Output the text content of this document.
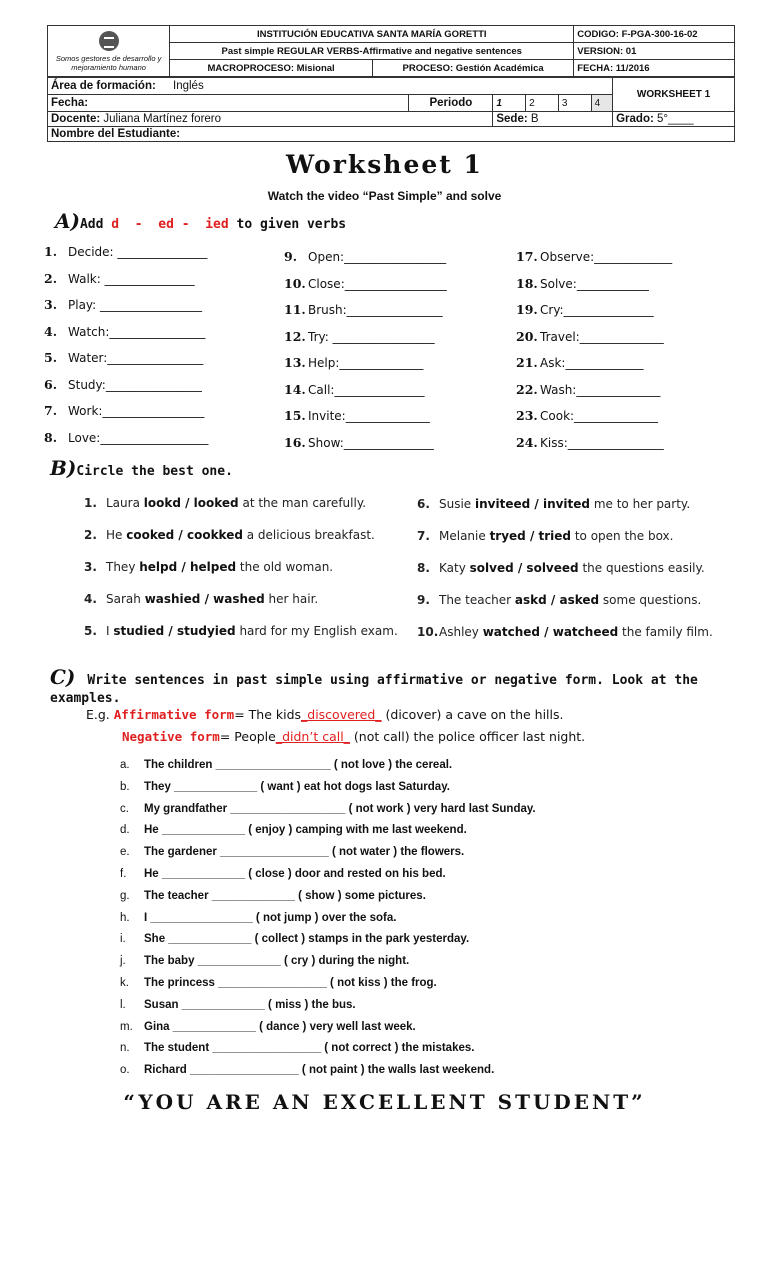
Somos gestores de desarrollo y mejoramiento humano	INSTITUCIÓN EDUCATIVA SANTA MARÍA GORETTI		CODIGO: F-PGA-300-16-02
	Past simple REGULAR VERBS-Affirmative and negative sentences		VERSION: 01
	MACROPROCESO: Misional	PROCESO: Gestión Académica	FECHA: 11/2016
Área de formación: Inglés						WORKSHEET 1
Fecha:	Periodo	1	2	3	4	
Docente: Juliana Martínez forero		Sede: B				Grado: 5°____
Nombre del Estudiante:						
Worksheet 1
Watch the video “Past Simple” and solve
A)Add d  -  ed -  ied to given verbs
B)Circle the best one.
C) Write sentences in past simple using affirmative or negative form. Look at the examples.
E.g. Affirmative form= The kids_discovered_ (dicover) a cave on the hills.
Negative form= People_didn’t call_ (not call) the police officer last night.
“YOU ARE AN EXCELLENT STUDENT”
1. Decide: _______________
2. Walk: _______________
3. Play: _________________
4. Watch:________________
5. Water:________________
6. Study:________________
7. Work:_________________
8. Love:__________________
9. Open:_________________
10. Close:_________________
11. Brush:________________
12. Try: _________________
13. Help:______________
14. Call:_______________
15. Invite:______________
16. Show:_______________
17. Observe:_____________
18. Solve:____________
19. Cry:_______________
20. Travel:______________
21. Ask:_____________
22. Wash:______________
23. Cook:______________
24. Kiss:________________
1. Laura lookd / looked at the man carefully.
2. He cooked / cookked a delicious breakfast.
3. They helpd / helped the old woman.
4. Sarah washied / washed her hair.
5. I studied / studyied hard for my English exam.
6. Susie inviteed / invited me to her party.
7. Melanie tryed / tried to open the box.
8. Katy solved / solveed the questions easily.
9. The teacher askd / asked some questions.
10.Ashley watched / watcheed the family film.
a. The children __________________ ( not love ) the cereal.
b. They _____________ ( want ) eat hot dogs last Saturday.
c. My grandfather __________________ ( not work ) very hard last Sunday.
d. He _____________ ( enjoy ) camping with me last weekend.
e. The gardener _________________ ( not water ) the flowers.
f. He _____________ ( close ) door and rested on his bed.
g. The teacher _____________ ( show ) some pictures.
h. I ________________ ( not jump ) over the sofa.
i. She _____________ ( collect ) stamps in the park yesterday.
j. The baby _____________ ( cry ) during the night.
k. The princess _________________ ( not kiss ) the frog.
l. Susan _____________ ( miss ) the bus.
m. Gina _____________ ( dance ) very well last week.
n. The student _________________ ( not correct ) the mistakes.
o. Richard _________________ ( not paint ) the walls last weekend.
